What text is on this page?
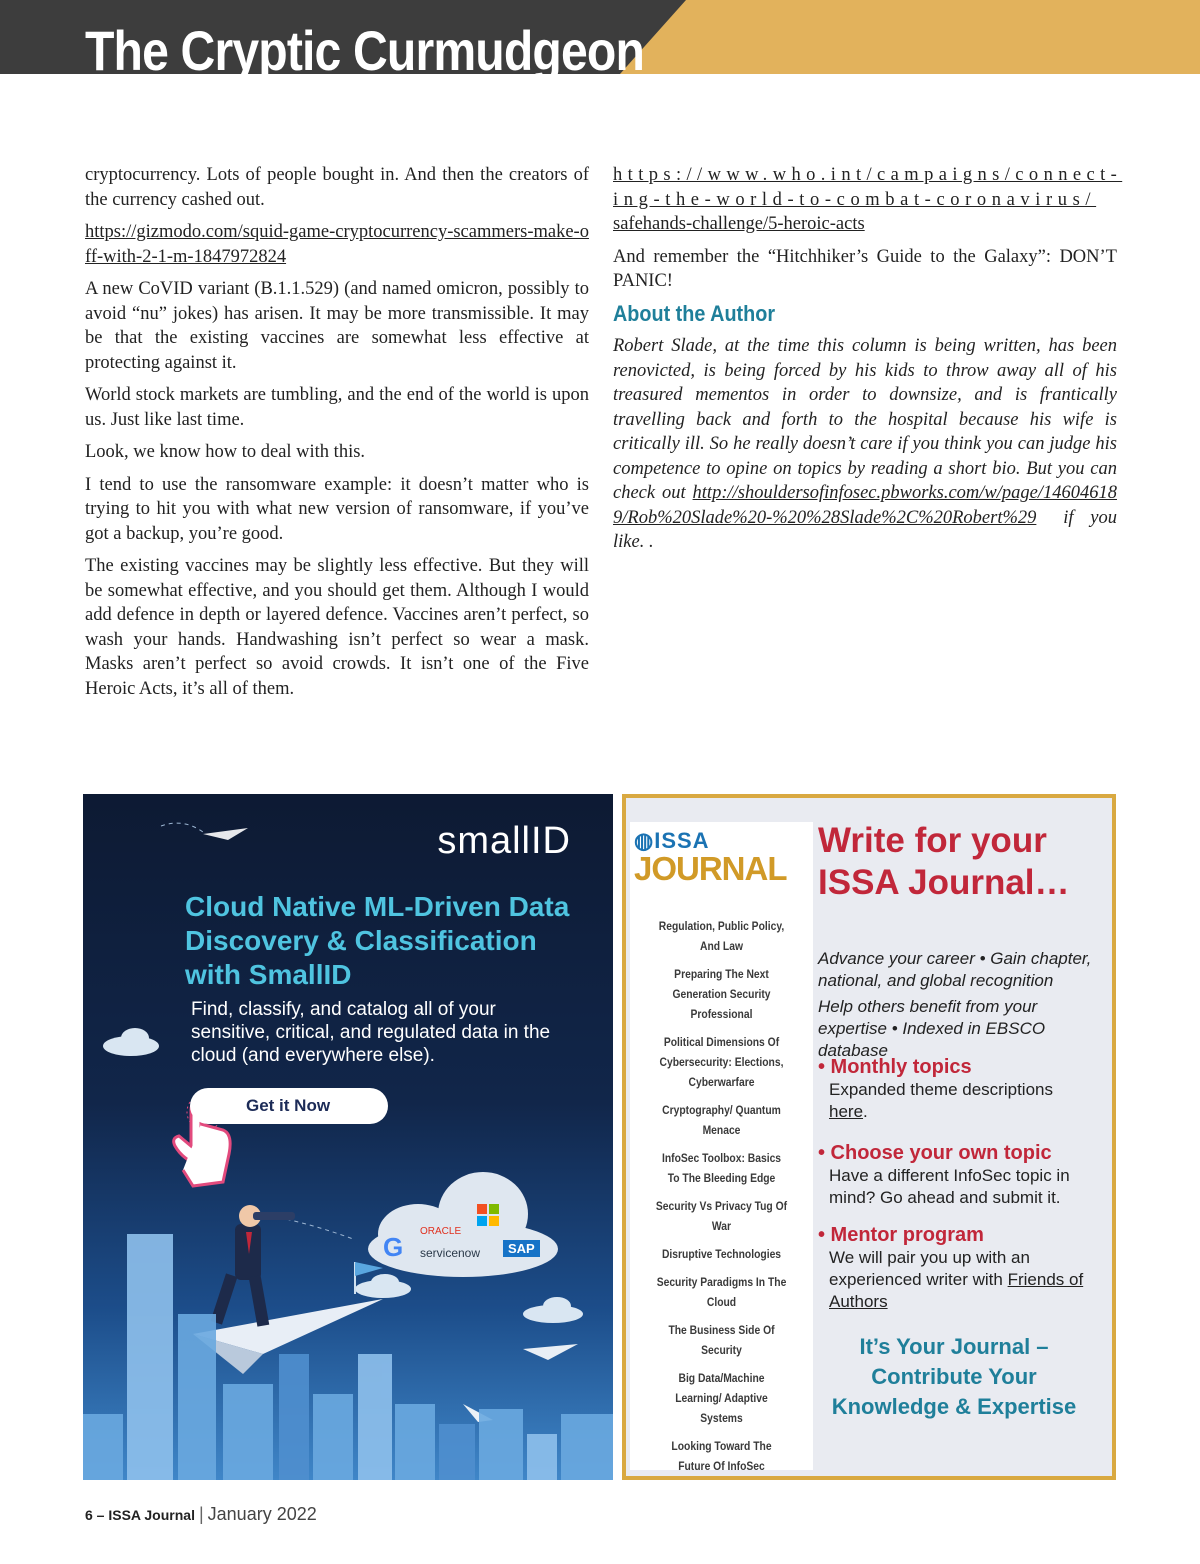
The Cryptic Curmudgeon

cryptocurrency. Lots of people bought in. And then the creators of the currency cashed out.

https://gizmodo.com/squid-game-cryptocurrency-scammers-make-off-with-2-1-m-1847972824

A new CoVID variant (B.1.1.529) (and named omicron, possibly to avoid “nu” jokes) has arisen. It may be more transmissible. It may be that the existing vaccines are somewhat less effective at protecting against it.

World stock markets are tumbling, and the end of the world is upon us. Just like last time.

Look, we know how to deal with this.

I tend to use the ransomware example: it doesn’t matter who is trying to hit you with what new version of ransomware, if you’ve got a backup, you’re good.

The existing vaccines may be slightly less effective. But they will be somewhat effective, and you should get them. Although I would add defence in depth or layered defence. Vaccines aren’t perfect, so wash your hands. Handwashing isn’t perfect so wear a mask. Masks aren’t perfect so avoid crowds. It isn’t one of the Five Heroic Acts, it’s all of them.

https://www.who.int/campaigns/connect-
ing-the-world-to-combat-coronavirus/
safehands-challenge/5-heroic-acts

And remember the “Hitchhiker’s Guide to the Galaxy”: DON’T PANIC!

About the Author

Robert Slade, at the time this column is being written, has been renovicted, is being forced by his kids to throw away all of his treasured mementos in order to downsize, and is frantically travelling back and forth to the hospital because his wife is critically ill. So he really doesn’t care if you think you can judge his competence to opine on topics by reading a short bio. But you can check out http://shouldersofinfosec.pbworks.com/w/page/146046189/Rob%20Slade%20-%20%28Slade%2C%20Robert%29 if you like. .

smallID
Cloud Native ML-Driven Data Discovery & Classification with SmallID
Find, classify, and catalog all of your sensitive, critical, and regulated data in the cloud (and everywhere else).
Get it Now
G
ORACLE
servicenow	SAP
◍ISSA
JOURNAL
Regulation, Public Policy, And Law
Preparing The Next Generation Security Professional
Political Dimensions Of Cybersecurity: Elections, Cyberwarfare
Cryptography/ Quantum Menace
InfoSec Toolbox: Basics To The Bleeding Edge
Security Vs Privacy Tug Of War
Disruptive Technologies
Security Paradigms In The Cloud
The Business Side Of Security
Big Data/Machine Learning/ Adaptive Systems
Looking Toward The Future Of InfoSec
Write for your ISSA Journal…

Advance your career • Gain chapter, national, and global recognition

Help others benefit from your expertise • Indexed in EBSCO database

• Monthly topics
Expanded theme descriptions
here.
• Choose your own topic
Have a different InfoSec topic in mind? Go ahead and submit it.
• Mentor program
We will pair you up with an experienced writer with Friends of Authors
It’s Your Journal – Contribute Your Knowledge & Expertise
6 – ISSA Journal | January 2022
